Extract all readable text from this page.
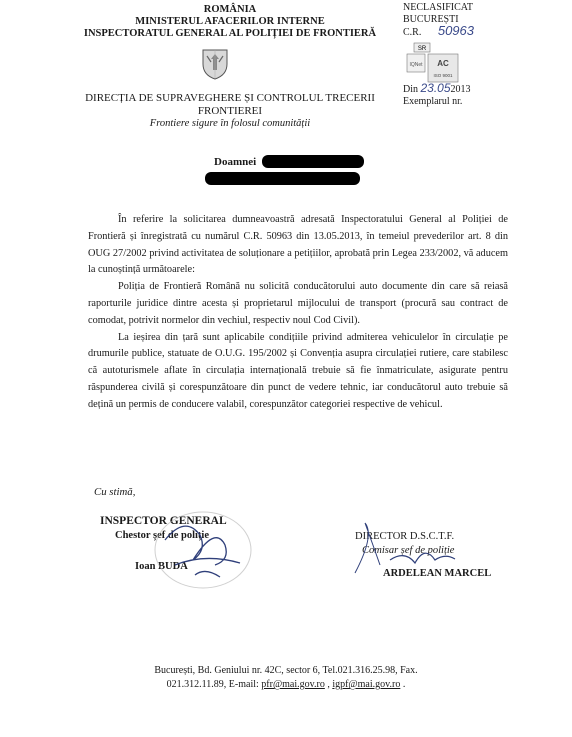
ROMÂNIA
MINISTERUL AFACERILOR INTERNE
INSPECTORATUL GENERAL AL POLIȚIEI DE FRONTIERĂ
DIRECȚIA DE SUPRAVEGHERE ȘI CONTROLUL TRECERII
FRONTIEREI
Frontiere sigure în folosul comunității
NECLASIFICAT
BUCUREȘTI
C.R. 50963
SR
IQNet AC
ISO 9001
Din 23.052013
Exemplarul nr.
Doamnei

În referire la solicitarea dumneavoastră adresată Inspectoratului General al Poliției de Frontieră și înregistrată cu numărul C.R. 50963 din 13.05.2013, în temeiul prevederilor art. 8 din OUG 27/2002 privind activitatea de soluționare a petițiilor, aprobată prin Legea 233/2002, vă aducem la cunoștință următoarele:

Poliția de Frontieră Română nu solicită conducătorului auto documente din care să reiasă raporturile juridice dintre acesta și proprietarul mijlocului de transport (procură sau contract de comodat, potrivit normelor din vechiul, respectiv noul Cod Civil).

La ieșirea din țară sunt aplicabile condițiile privind admiterea vehiculelor în circulație pe drumurile publice, statuate de O.U.G. 195/2002 și Convenția asupra circulației rutiere, care stabilesc că autoturismele aflate în circulația internațională trebuie să fie înmatriculate, asigurate pentru răspunderea civilă și corespunzătoare din punct de vedere tehnic, iar conducătorul auto trebuie să dețină un permis de conducere valabil, corespunzător categoriei respective de vehicul.

Cu stimă,
INSPECTOR GENERAL
Chestor șef de poliție
Ioan BUDA
DIRECTOR D.S.C.T.F.
Comisar șef de poliție
ARDELEAN MARCEL
București, Bd. Geniului nr. 42C, sector 6, Tel.021.316.25.98, Fax.
021.312.11.89, E-mail: pfr@mai.gov.ro , igpf@mai.gov.ro .
